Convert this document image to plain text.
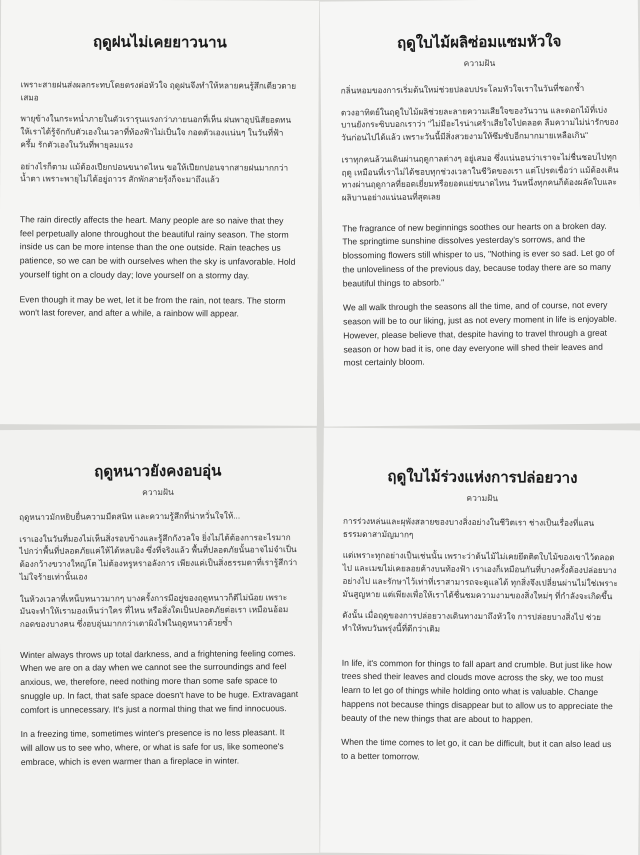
ฤดูฝนไม่เคยยาวนาน

เพราะสายฝนส่งผลกระทบโดยตรงต่อหัวใจ ฤดูฝนจึงทำให้หลายคนรู้สึกเดียวดายเสมอ

พายุข้างในกระหน่ำภายในตัวเรารุนแรงกว่าภายนอกที่เห็น ฝนพาอุปนิสัยอดทนให้เราได้รู้จักกับตัวเองในเวลาที่ท้องฟ้าไม่เป็นใจ กอดตัวเองแน่นๆ ในวันที่ฟ้าครึ้ม รักตัวเองในวันที่พายุลมแรง

อย่างไรก็ตาม แม้ต้องเปียกปอนขนาดไหน ขอให้เปียกปอนจากสายฝนมากกว่าน้ำตา เพราะพายุไม่ได้อยู่ถาวร สักพักสายรุ้งก็จะมาถึงแล้ว

The rain directly affects the heart. Many people are so naive that they feel perpetually alone throughout the beautiful rainy season. The storm inside us can be more intense than the one outside. Rain teaches us patience, so we can be with ourselves when the sky is unfavorable. Hold yourself tight on a cloudy day; love yourself on a stormy day.

Even though it may be wet, let it be from the rain, not tears. The storm won't last forever, and after a while, a rainbow will appear.

ฤดูใบไม้ผลิซ่อมแซมหัวใจ

ความฝัน

กลิ่นหอมของการเริ่มต้นใหม่ช่วยปลอบประโลมหัวใจเราในวันที่ชอกช้ำ

ดวงอาทิตย์ในฤดูใบไม้ผลิช่วยละลายความเสียใจของวันวาน และดอกไม้ที่เบ่งบานยังกระซิบบอกเราว่า "ไม่มีอะไรน่าเศร้าเสียใจไปตลอด ลืมความไม่น่ารักของวันก่อนไปได้แล้ว เพราะวันนี้มีสิ่งสวยงามให้ซึมซับอีกมากมายเหลือเกิน"

เราทุกคนล้วนเดินผ่านฤดูกาลต่างๆ อยู่เสมอ ซึ่งแน่นอนว่าเราจะไม่ชื่นชอบไปทุกฤดู เหมือนที่เราไม่ได้ชอบทุกช่วงเวลาในชีวิตของเรา แต่โปรดเชื่อว่า แม้ต้องเดินทางผ่านฤดูกาลที่ยอดเยี่ยมหรือยอดแย่ขนาดไหน วันหนึ่งทุกคนก็ต้องผลัดใบและผลิบานอย่างแน่นอนที่สุดเลย

The fragrance of new beginnings soothes our hearts on a broken day. The springtime sunshine dissolves yesterday's sorrows, and the blossoming flowers still whisper to us, "Nothing is ever so sad. Let go of the unloveliness of the previous day, because today there are so many beautiful things to absorb."

We all walk through the seasons all the time, and of course, not every season will be to our liking, just as not every moment in life is enjoyable. However, please believe that, despite having to travel through a great season or how bad it is, one day everyone will shed their leaves and most certainly bloom.

ฤดูหนาวยังคงอบอุ่น

ความฝัน

ฤดูหนาวมักหยิบยื่นความมืดสนิท และความรู้สึกที่น่าหวั่นใจให้...

เราเองในวันที่มองไม่เห็นสิ่งรอบข้างและรู้สึกกังวลใจ ยิ่งไม่ได้ต้องการอะไรมากไปกว่าพื้นที่ปลอดภัยแค่ให้ได้หลบอิง ซึ่งที่จริงแล้ว พื้นที่ปลอดภัยนั้นอาจไม่จำเป็นต้องกว้างขวางใหญ่โต ไม่ต้องหรูหราอลังการ เพียงแค่เป็นสิ่งธรรมดาที่เรารู้สึกว่าไม่ใจร้ายเท่านั้นเอง

ในห้วงเวลาที่เหน็บหนาวมากๆ บางครั้งการมีอยู่ของฤดูหนาวก็ดีไม่น้อย เพราะมันจะทำให้เรามองเห็นว่าใคร ที่ไหน หรือสิ่งใดเป็นปลอดภัยต่อเรา เหมือนอ้อมกอดของบางคน ซึ่งอบอุ่นมากกว่าเตาผิงไฟในฤดูหนาวด้วยซ้ำ

Winter always throws up total darkness, and a frightening feeling comes. When we are on a day when we cannot see the surroundings and feel anxious, we, therefore, need nothing more than some safe space to snuggle up. In fact, that safe space doesn't have to be huge. Extravagant comfort is unnecessary. It's just a normal thing that we find innocuous.

In a freezing time, sometimes winter's presence is no less pleasant. It will allow us to see who, where, or what is safe for us, like someone's embrace, which is even warmer than a fireplace in winter.

ฤดูใบไม้ร่วงแห่งการปล่อยวาง

ความฝัน

การร่วงหล่นและผุพังสลายของบางสิ่งอย่างในชีวิตเรา ช่างเป็นเรื่องที่แสนธรรมดาสามัญมากๆ

แต่เพราะทุกอย่างเป็นเช่นนั้น เพราะว่าต้นไม้ไม่เคยยึดติดใบไม้ของเขาไว้ตลอดไป และเมฆไม่เคยลอยค้างบนท้องฟ้า เราเองก็เหมือนกันที่บางครั้งต้องปล่อยบางอย่างไป และรักษาไว้เท่าที่เราสามารถจะดูแลได้ ทุกสิ่งจึงเปลี่ยนผ่านไม่ใช่เพราะมันสูญหาย แต่เพียงเพื่อให้เราได้ชื่นชมความงามของสิ่งใหม่ๆ ที่กำลังจะเกิดขึ้น

ดังนั้น เมื่อฤดูของการปล่อยวางเดินทางมาถึงหัวใจ การปล่อยบางสิ่งไป ช่วยทำให้พบวันพรุ่งนี้ที่ดีกว่าเดิม

In life, it's common for things to fall apart and crumble. But just like how trees shed their leaves and clouds move across the sky, we too must learn to let go of things while holding onto what is valuable. Change happens not because things disappear but to allow us to appreciate the beauty of the new things that are about to happen.

When the time comes to let go, it can be difficult, but it can also lead us to a better tomorrow.
